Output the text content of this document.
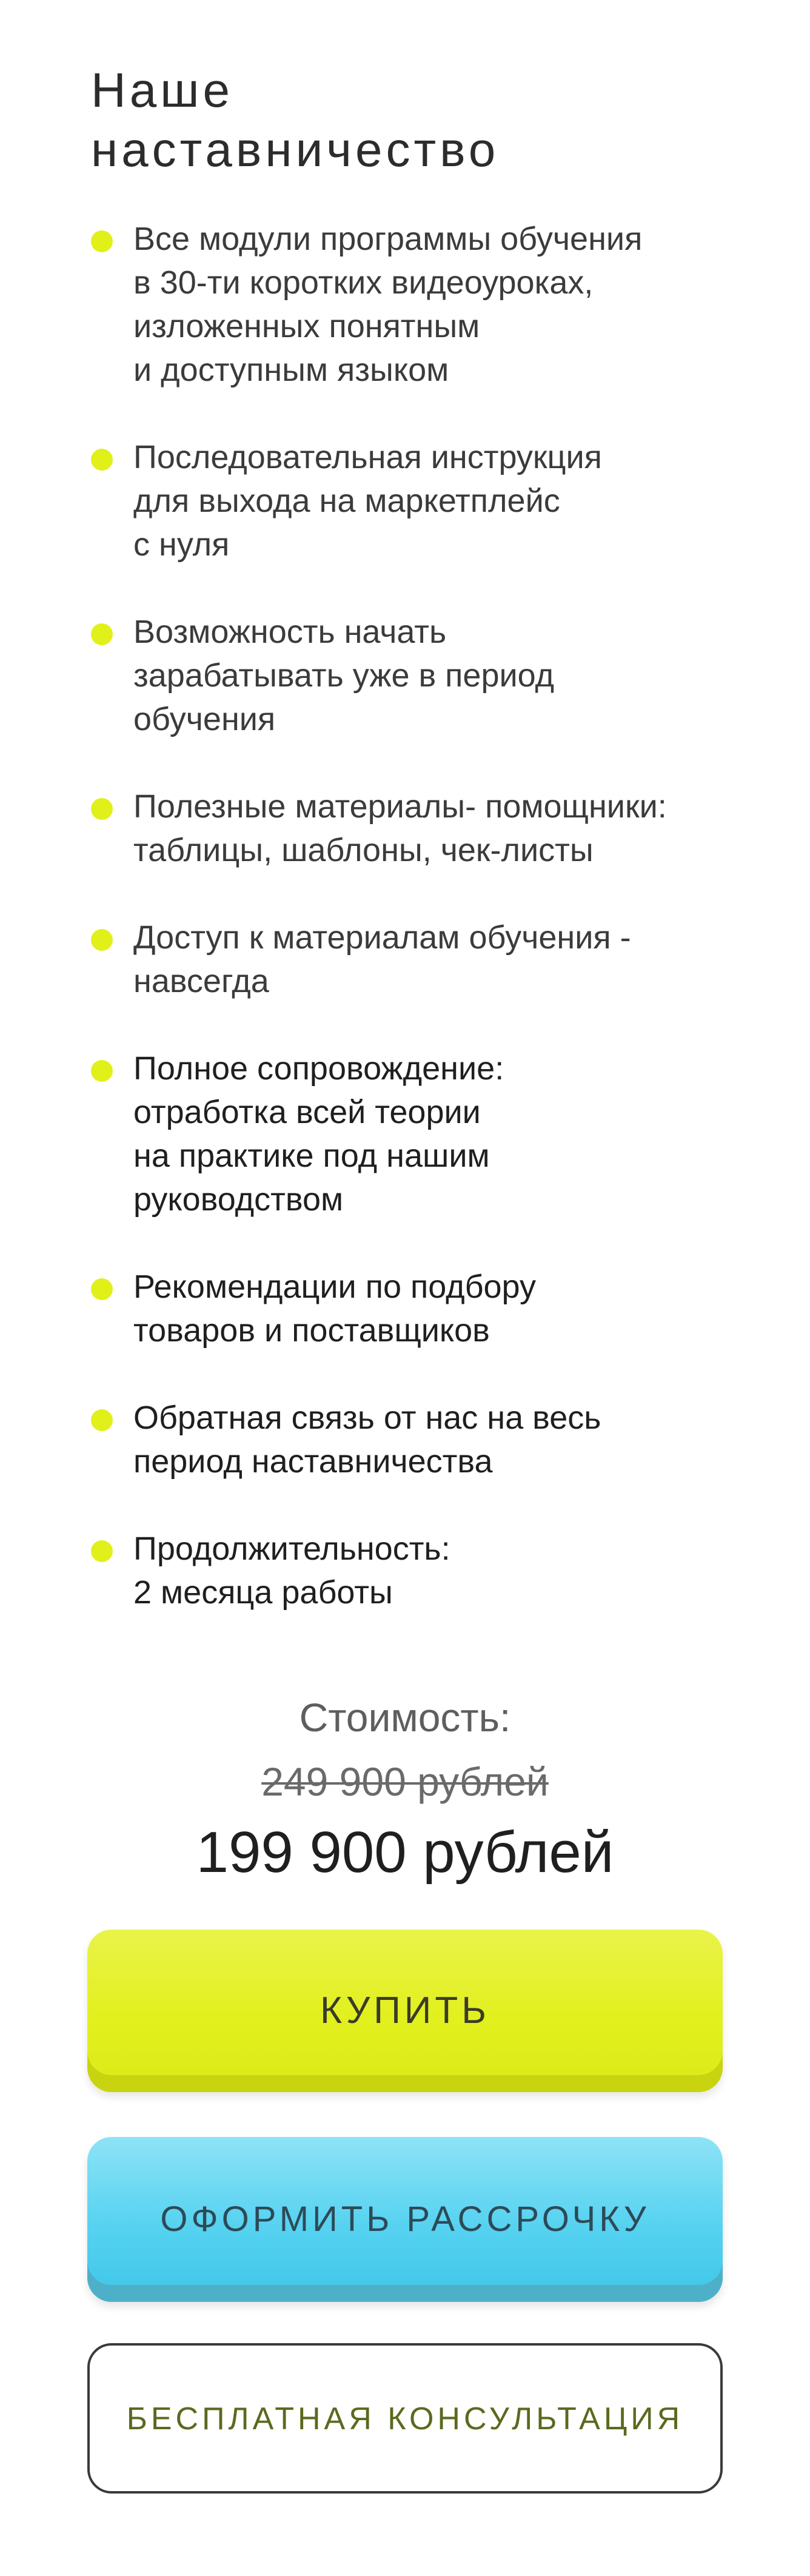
Наше
наставничество
Все модули программы обучения
в 30-ти коротких видеоуроках,
изложенных понятным
и доступным языком
Последовательная инструкция
для выхода на маркетплейс
с нуля
Возможность начать
зарабатывать уже в период
обучения
Полезные материалы- помощники:
таблицы, шаблоны, чек-листы
Доступ к материалам обучения -
навсегда
Полное сопровождение:
отработка всей теории
на практике под нашим
руководством
Рекомендации по подбору
товаров и поставщиков
Обратная связь от нас на весь
период наставничества
Продолжительность:
2 месяца работы
Стоимость:
249 900 рублей
199 900 рублей
КУПИТЬ
ОФОРМИТЬ РАССРОЧКУ
БЕСПЛАТНАЯ КОНСУЛЬТАЦИЯ
